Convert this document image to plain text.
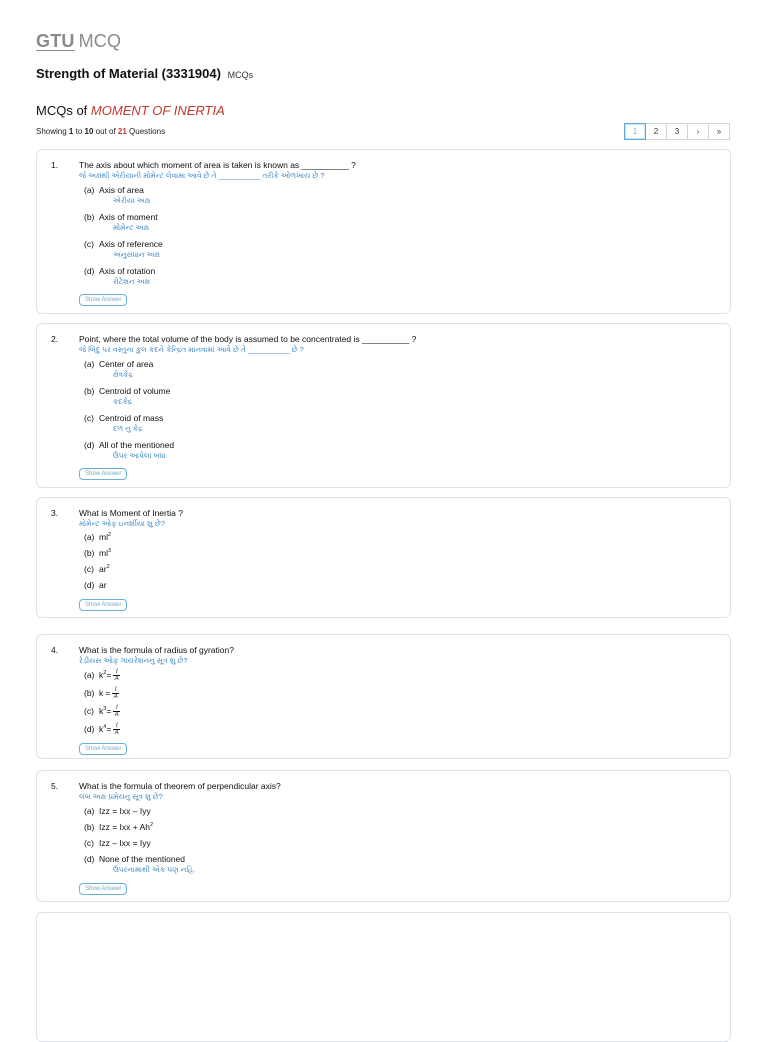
GTU MCQ
Strength of Material (3331904) MCQs
MCQs of MOMENT OF INERTIA
Showing 1 to 10 out of 21 Questions	1	2	3	›	»
1. The axis about which moment of area is taken is known as __________ ?
જે અક્ષથી એરીયાની મોમેન્ટ લેવામા આવે છે તે __________ તરીકે ઓળખાય છે ?
(a) Axis of area
એરીયા અક્ષ
(b) Axis of moment
મોમેન્ટ અક્ષ
(c) Axis of reference
અનુસંધાન અક્ષ
(d) Axis of rotation
રોટેશન અક્ષ
Show Answer
2. Point, where the total volume of the body is assumed to be concentrated is __________ ?
જે બિંદુ પર વસ્તુના કુલ કદને કેન્દ્રિત માનવામાં આવે છે તે __________ છે ?
(a) Center of area
ક્ષેત્રકેંદ્ર
(b) Centroid of volume
કદકેંદ્ર
(c) Centroid of mass
દળ નુ કેંદ્ર
(d) All of the mentioned
ઉપર આપેલા બધા
Show Answer
3. What is Moment of Inertia ?
મોમેન્ટ ઓફ ઇનર્શીયા શુ છે?
(a) $ml^2$
(b) $ml^3$
(c) $ar^2$
(d) ar
Show Answer
4. What is the formula of radius of gyration?
રેડીયસ ઓફ ગાયરેશનનુ સૂત્ર શુ છે?
(a) $k^2= \frac{I}{A}$
(b) $k = \frac{I}{A}$
(c) $k^3= \frac{I}{A}$
(d) $k^4= \frac{I}{A}$
Show Answer
5. What is the formula of theorem of perpendicular axis?
લંબ અક્ષ પ્રમેયનુ સૂત્ર શુ છે?
(a) Izz = Ixx – Iyy
(b) Izz = Ixx + $Ah^2$
(c) Izz – Ixx = Iyy
(d) None of the mentioned
ઉપરનામાથી એક પણ નહિ.
Show Answer
